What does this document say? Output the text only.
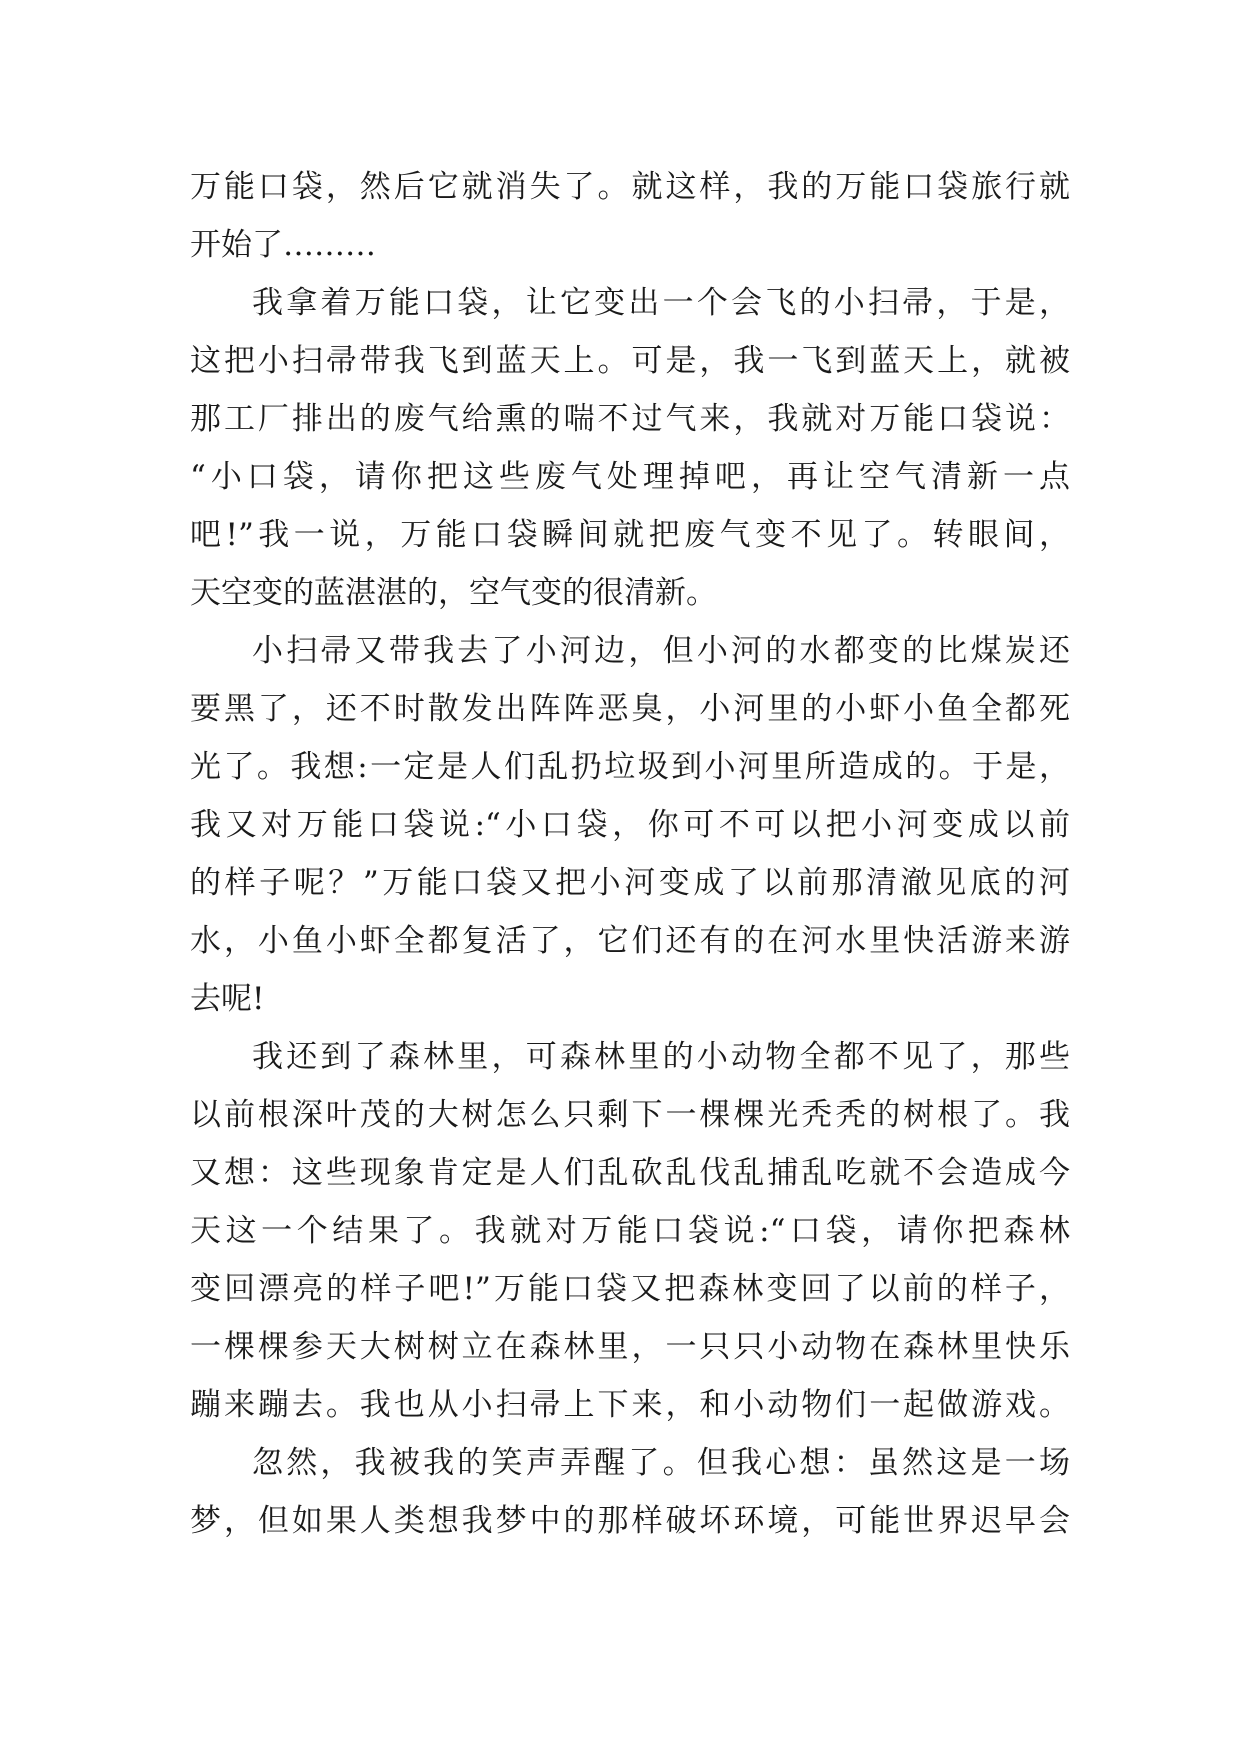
万能口袋，然后它就消失了。就这样，我的万能口袋旅行就
开始了………
我拿着万能口袋，让它变出一个会飞的小扫帚，于是，
这把小扫帚带我飞到蓝天上。可是，我一飞到蓝天上，就被
那工厂排出的废气给熏的喘不过气来，我就对万能口袋说：
“小口袋，请你把这些废气处理掉吧，再让空气清新一点
吧!”我一说，万能口袋瞬间就把废气变不见了。转眼间，
天空变的蓝湛湛的，空气变的很清新。
小扫帚又带我去了小河边，但小河的水都变的比煤炭还
要黑了，还不时散发出阵阵恶臭，小河里的小虾小鱼全都死
光了。我想:一定是人们乱扔垃圾到小河里所造成的。于是，
我又对万能口袋说:“小口袋，你可不可以把小河变成以前
的样子呢？”万能口袋又把小河变成了以前那清澈见底的河
水，小鱼小虾全都复活了，它们还有的在河水里快活游来游
去呢!
我还到了森林里，可森林里的小动物全都不见了，那些
以前根深叶茂的大树怎么只剩下一棵棵光秃秃的树根了。我
又想：这些现象肯定是人们乱砍乱伐乱捕乱吃就不会造成今
天这一个结果了。我就对万能口袋说:“口袋，请你把森林
变回漂亮的样子吧!”万能口袋又把森林变回了以前的样子，
一棵棵参天大树树立在森林里，一只只小动物在森林里快乐
蹦来蹦去。我也从小扫帚上下来，和小动物们一起做游戏。
忽然，我被我的笑声弄醒了。但我心想：虽然这是一场
梦，但如果人类想我梦中的那样破坏环境，可能世界迟早会
